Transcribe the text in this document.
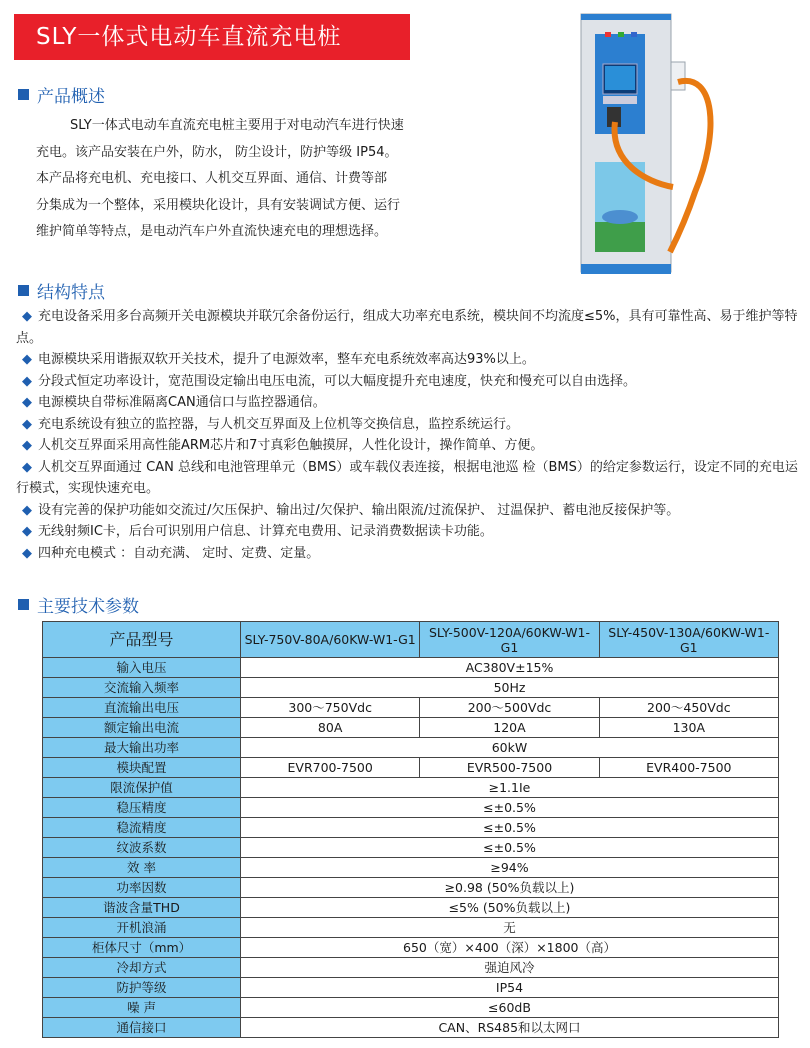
SLY一体式电动车直流充电桩
产品概述

SLY一体式电动车直流充电桩主要用于对电动汽车进行快速

充电。该产品安装在户外，防水， 防尘设计，防护等级 IP54。

本产品将充电机、充电接口、人机交互界面、通信、计费等部

分集成为一个整体，采用模块化设计，具有安装调试方便、运行

维护简单等特点，是电动汽车户外直流快速充电的理想选择。

结构特点

◆ 充电设备采用多台高频开关电源模块并联冗余备份运行，组成大功率充电系统，模块间不均流度≤5%，具有可靠性高、易于维护等特点。

◆ 电源模块采用谐振双软开关技术，提升了电源效率，整车充电系统效率高达93%以上。

◆ 分段式恒定功率设计，宽范围设定输出电压电流，可以大幅度提升充电速度，快充和慢充可以自由选择。

◆ 电源模块自带标准隔离CAN通信口与监控器通信。

◆ 充电系统设有独立的监控器，与人机交互界面及上位机等交换信息，监控系统运行。

◆ 人机交互界面采用高性能ARM芯片和7寸真彩色触摸屏，人性化设计，操作简单、方便。

◆ 人机交互界面通过 CAN 总线和电池管理单元（BMS）或车载仪表连接，根据电池巡 检（BMS）的给定参数运行，设定不同的充电运行模式，实现快速充电。

◆ 设有完善的保护功能如交流过/欠压保护、输出过/欠保护、输出限流/过流保护、 过温保护、蓄电池反接保护等。

◆ 无线射频IC卡，后台可识别用户信息、计算充电费用、记录消费数据读卡功能。

◆ 四种充电模式 ：自动充满、 定时、定费、定量。

主要技术参数
产品型号	SLY-750V-80A/60KW-W1-G1	SLY-500V-120A/60KW-W1-G1	SLY-450V-130A/60KW-W1-G1
输入电压	AC380V±15%		
交流输入频率	50Hz		
直流输出电压	300～750Vdc	200～500Vdc	200～450Vdc
额定输出电流	80A	120A	130A
最大输出功率	60kW		
模块配置	EVR700-7500	EVR500-7500	EVR400-7500
限流保护值	≥1.1Ie		
稳压精度	≤±0.5%		
稳流精度	≤±0.5%		
纹波系数	≤±0.5%		
效 率	≥94%		
功率因数	≥0.98 (50%负载以上)		
谐波含量THD	≤5% (50%负载以上)		
开机浪涌	无		
柜体尺寸（mm）	650（宽）×400（深）×1800（高）		
冷却方式	强迫风冷		
防护等级	IP54		
噪 声	≤60dB		
通信接口	CAN、RS485和以太网口		
